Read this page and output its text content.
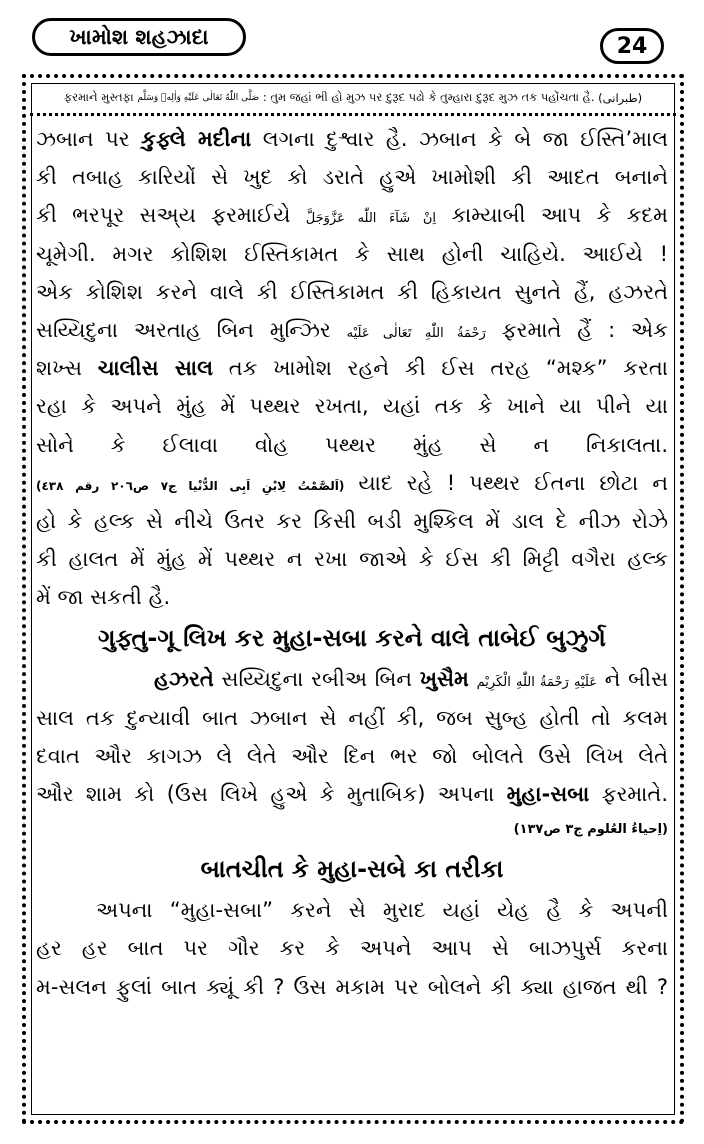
ખામોશ શહઝાદા	24
ફરમાને મુસ્તફા
صَلَّى اللّٰهُ تَعَالٰى عَلَيْهِ وَاٰلِهٖ وَسَلَّم
: તુમ જહાં ભી હો મુઝ પર દુરૂદ પઢો કે તુમ્હારા દુરૂદ મુઝ તક પહોંચતા હૈ.
(طبرانی)
ઝબાન પર કુફ્લે મદીના લગના દુશ્વાર હૈ. ઝબાન કે બે જા ઈસ્તિ’માલ
કી તબાહ કારિયોં સે ખુદ કો ડરાતે હુએ ખામોશી કી આદત બનાને
કી ભરપૂર સઅ્ય ફરમાઈયે اِنْ شَآءَ اللّٰه عَزَّوَجَلَّ કામ્યાબી આપ કે કદમ
ચૂમેગી. મગર કોશિશ ઈસ્તિકામત કે સાથ હોની ચાહિયે. આઈયે !
એક કોશિશ કરને વાલે કી ઈસ્તિકામત કી હિકાયત સુનતે હૈં, હઝરતે
સય્યિદુના અરતાહ બિન મુન્ઝિર رَحْمَةُ اللّٰهِ تَعَالٰى عَلَيْه ફરમાતે હૈં : એક
શખ્સ ચાલીસ સાલ તક ખામોશ રહને કી ઈસ તરહ “મશ્ક” કરતા
રહા કે અપને મુંહ મેં પથ્થર રખતા, યહાં તક કે ખાને યા પીને યા
સોને કે ઈલાવા વોહ પથ્થર મુંહ સે ન નિકાલતા.
(اَلصَّمْتُ لِابْنِ اَبِی الدُّنْیا ج٧ ص٢٠٦ رقم ٤٣٨) યાદ રહે ! પથ્થર ઈતના છોટા ન
હો કે હલ્ક સે નીચે ઉતર કર કિસી બડી મુશ્કિલ મેં ડાલ દે નીઝ રોઝે
કી હાલત મેં મુંહ મેં પથ્થર ન રખા જાએ કે ઈસ કી મિટ્ટી વગૈરા હલ્ક
મેં જા સકતી હૈ.
ગુફ્તુ-ગૂ લિખ કર મુહા-સબા કરને વાલે તાબેઈ બુઝુર્ગ
હઝરતે સય્યિદુના રબીઅ બિન ખુસૈમ عَلَيْهِ رَحْمَةُ اللّٰهِ الْكَرِيْم ને બીસ
સાલ તક દુન્યાવી બાત ઝબાન સે નહીં કી, જબ સુબ્હ હોતી તો કલમ
દવાત ઔર કાગઝ લે લેતે ઔર દિન ભર જો બોલતે ઉસે લિખ લેતે
ઔર શામ કો (ઉસ લિખે હુએ કે મુતાબિક) અપના મુહા-સબા ફરમાતે.
(اِحیاءُ العُلوم ج٣ ص١٣٧)
બાતચીત કે મુહા-સબે કા તરીકા
અપના “મુહા-સબા” કરને સે મુરાદ યહાં યેહ હૈ કે અપની
હર હર બાત પર ગૌર કર કે અપને આપ સે બાઝપુર્સ કરના
મ-સલન ફુલાં બાત ક્યૂં કી ? ઉસ મકામ પર બોલને કી ક્યા હાજત થી ?
